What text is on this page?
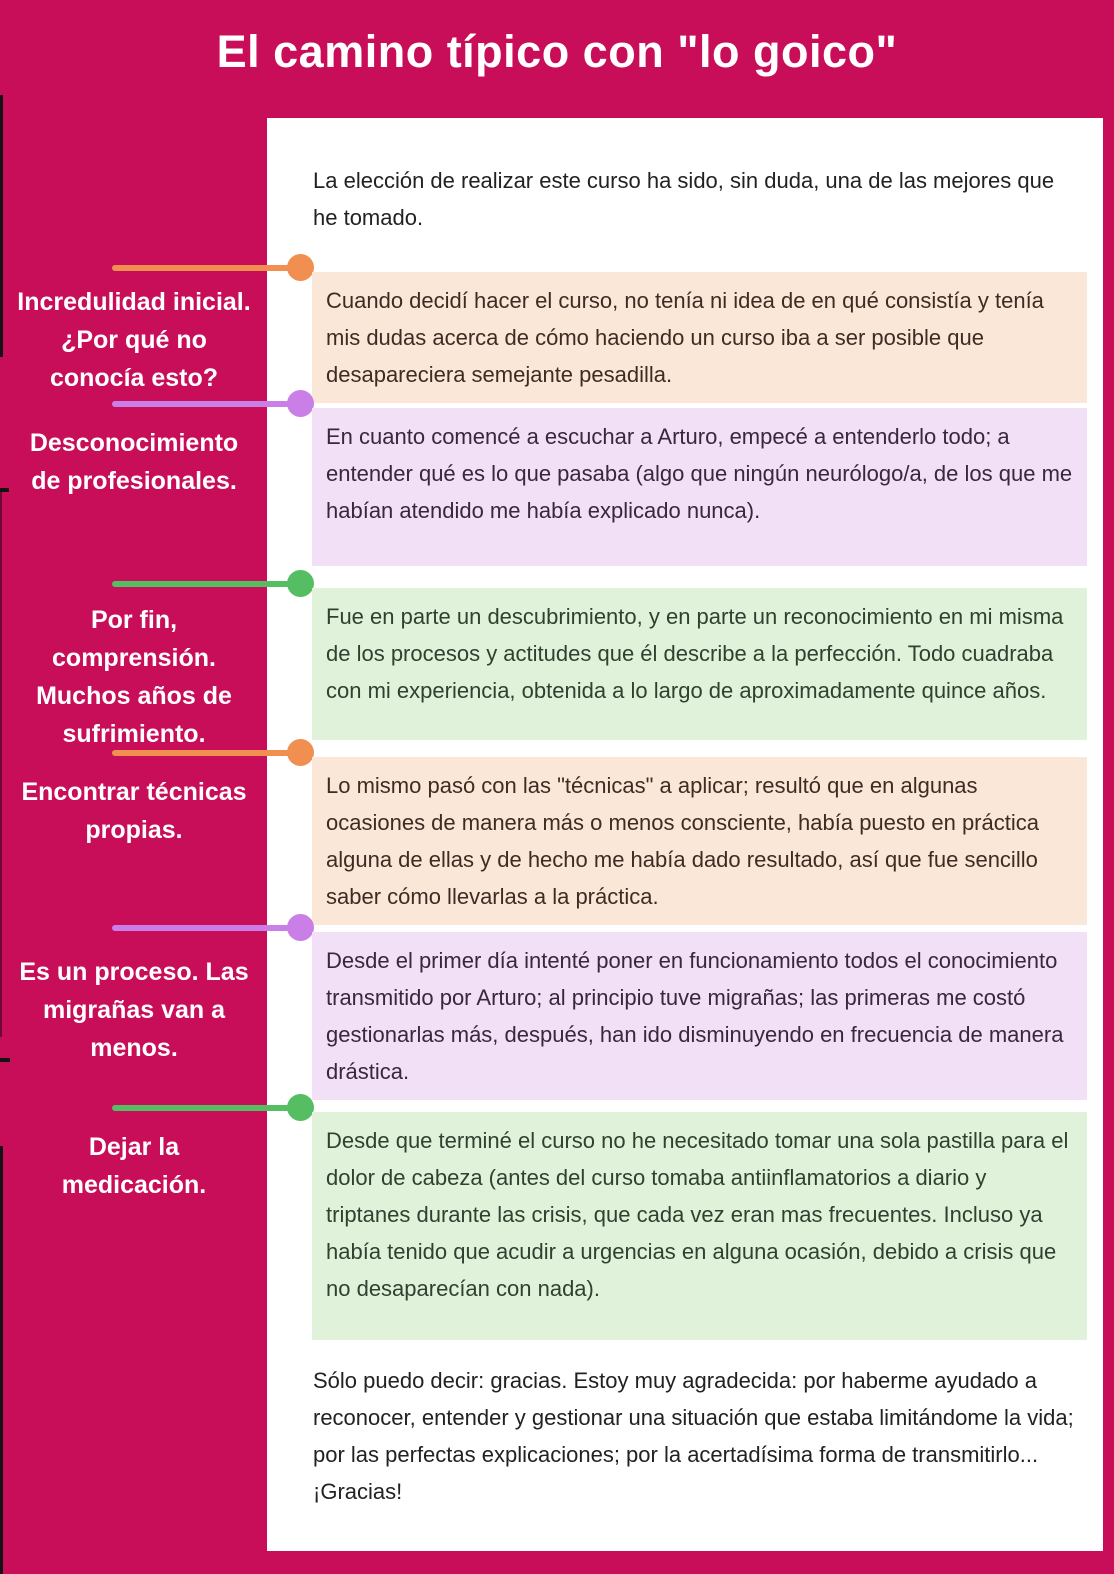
El camino típico con "lo goico"
La elección de realizar este curso ha sido, sin duda, una de las mejores que he tomado.
Incredulidad inicial. ¿Por qué no conocía esto?
Cuando decidí hacer el curso, no tenía ni idea de en qué consistía y tenía mis dudas acerca de cómo haciendo un curso iba a ser posible que desapareciera semejante pesadilla.
Desconocimiento de profesionales.
En cuanto comencé a escuchar a Arturo, empecé a entenderlo todo; a entender qué es lo que pasaba (algo que ningún neurólogo/a, de los que me habían atendido me había explicado nunca).
Por fin, comprensión. Muchos años de sufrimiento.
Fue en parte un descubrimiento, y en parte un reconocimiento en mi misma de los procesos y actitudes que él describe a la perfección. Todo cuadraba con mi experiencia, obtenida a lo largo de aproximadamente quince años.
Encontrar técnicas propias.
Lo mismo pasó con las "técnicas" a aplicar; resultó que en algunas ocasiones de manera más o menos consciente, había puesto en práctica alguna de ellas y de hecho me había dado resultado, así que fue sencillo saber cómo llevarlas a la práctica.
Es un proceso. Las migrañas van a menos.
Desde el primer día intenté poner en funcionamiento todos el conocimiento transmitido por Arturo; al principio tuve migrañas; las primeras me costó gestionarlas más, después, han ido disminuyendo en frecuencia de manera drástica.
Dejar la medicación.
Desde que terminé el curso no he necesitado tomar una sola pastilla para el dolor de cabeza (antes del curso tomaba antiinflamatorios a diario y triptanes durante las crisis, que cada vez eran mas frecuentes. Incluso ya había tenido que acudir a urgencias en alguna ocasión, debido a crisis que no desaparecían con nada).
Sólo puedo decir: gracias. Estoy muy agradecida: por haberme ayudado a reconocer, entender y gestionar una situación que estaba limitándome la vida; por las perfectas explicaciones; por la acertadísima forma de transmitirlo... ¡Gracias!
